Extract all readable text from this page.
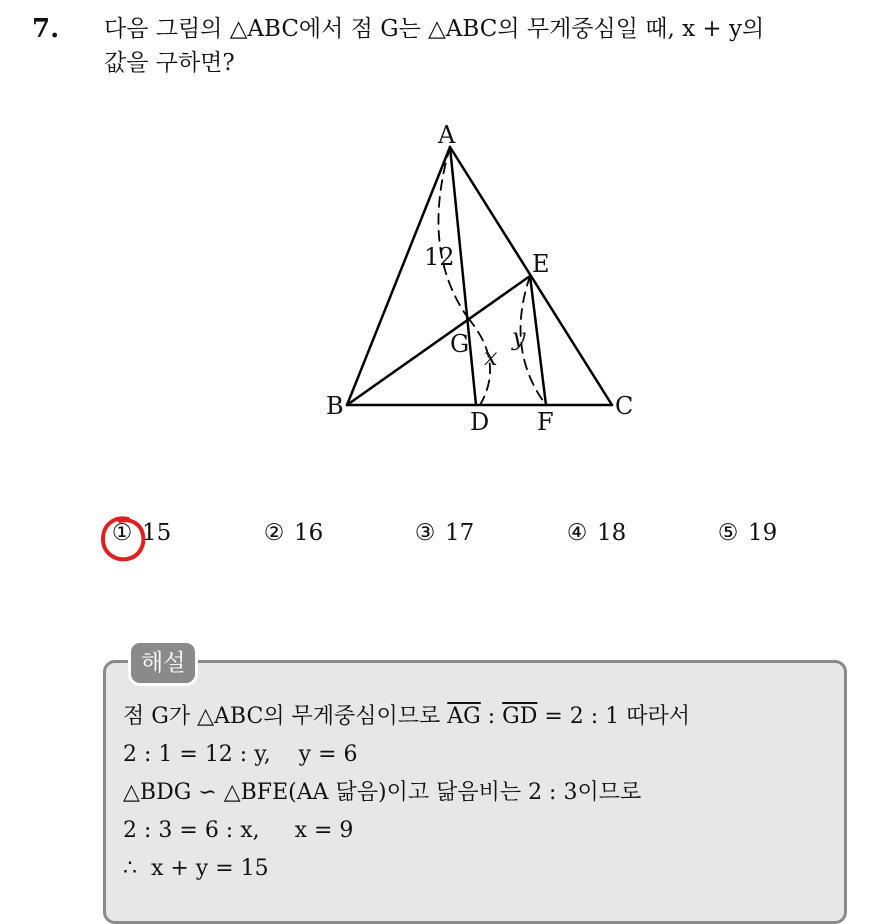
7. 다음 그림의 △ABC에서 점 G는 △ABC의 무게중심일 때, x + y의
값을 구하면?
A
B	C
D
E
F
G
12
x
y
① 15	② 16	③ 17	④ 18	⑤ 19
해설
점 G가 △ABC의 무게중심이므로 $\overline{AG}$ : $\overline{GD} = 2$ : 1 따라서
2 : 1 = 12 : y,    y = 6
△BDG ∽ △BFE(AA 닮음)이고 닮음비는 2 : 3이므로
2 : 3 = 6 : x,     x = 9
∴  x + y = 15
